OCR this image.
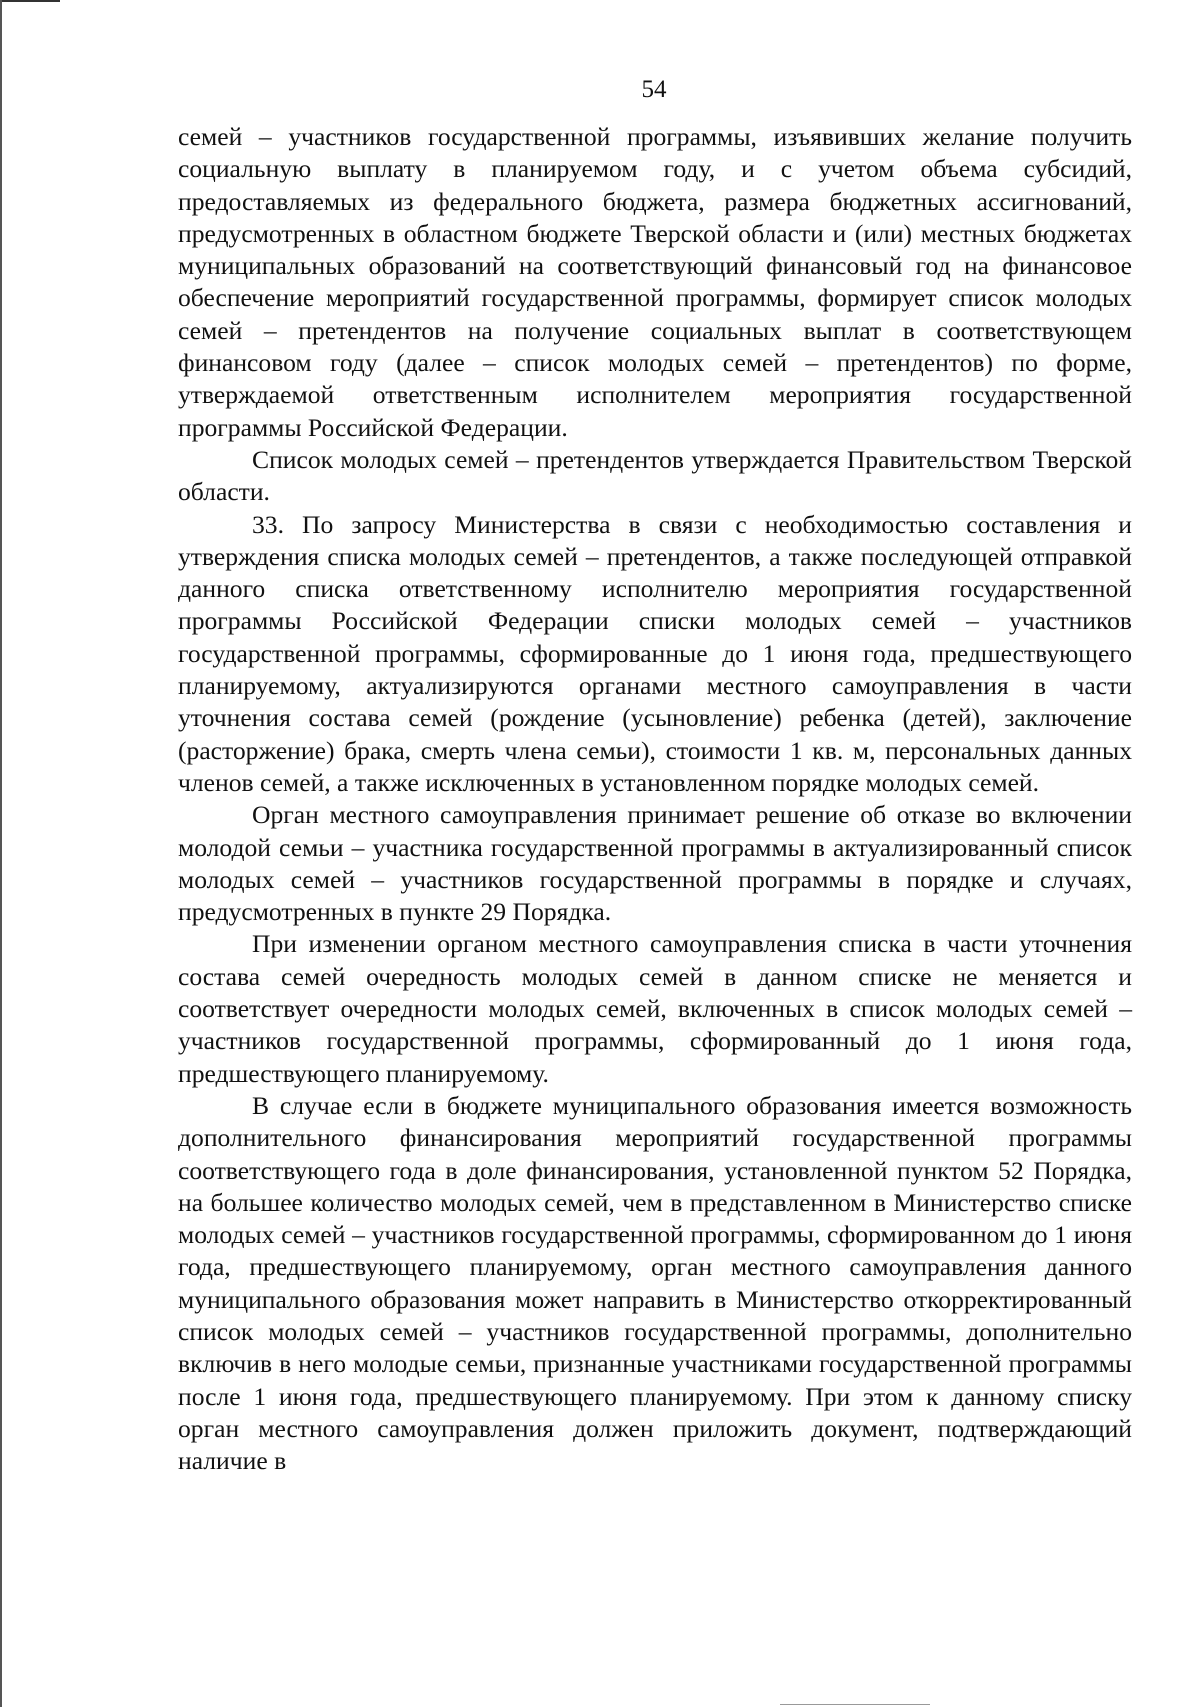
54

семей – участников государственной программы, изъявивших желание получить социальную выплату в планируемом году, и с учетом объема субсидий, предоставляемых из федерального бюджета, размера бюджетных ассигнований, предусмотренных в областном бюджете Тверской области и (или) местных бюджетах муниципальных образований на соответствующий финансовый год на финансовое обеспечение мероприятий государственной программы, формирует список молодых семей – претендентов на получение социальных выплат в соответствующем финансовом году (далее – список молодых семей – претендентов) по форме, утверждаемой ответственным исполнителем мероприятия государственной программы Российской Федерации.

Список молодых семей – претендентов утверждается Правительством Тверской области.

33. По запросу Министерства в связи с необходимостью составления и утверждения списка молодых семей – претендентов, а также последующей отправкой данного списка ответственному исполнителю мероприятия государственной программы Российской Федерации списки молодых семей – участников государственной программы, сформированные до 1 июня года, предшествующего планируемому, актуализируются органами местного самоуправления в части уточнения состава семей (рождение (усыновление) ребенка (детей), заключение (расторжение) брака, смерть члена семьи), стоимости 1 кв. м, персональных данных членов семей, а также исключенных в установленном порядке молодых семей.

Орган местного самоуправления принимает решение об отказе во включении молодой семьи – участника государственной программы в актуализированный список молодых семей – участников государственной программы в порядке и случаях, предусмотренных в пункте 29 Порядка.

При изменении органом местного самоуправления списка в части уточнения состава семей очередность молодых семей в данном списке не меняется и соответствует очередности молодых семей, включенных в список молодых семей – участников государственной программы, сформированный до 1 июня года, предшествующего планируемому.

В случае если в бюджете муниципального образования имеется возможность дополнительного финансирования мероприятий государственной программы соответствующего года в доле финансирования, установленной пунктом 52 Порядка, на большее количество молодых семей, чем в представленном в Министерство списке молодых семей – участников государственной программы, сформированном до 1 июня года, предшествующего планируемому, орган местного самоуправления данного муниципального образования может направить в Министерство откорректированный список молодых семей – участников государственной программы, дополнительно включив в него молодые семьи, признанные участниками государственной программы после 1 июня года, предшествующего планируемому. При этом к данному списку орган местного самоуправления должен приложить документ, подтверждающий наличие в
